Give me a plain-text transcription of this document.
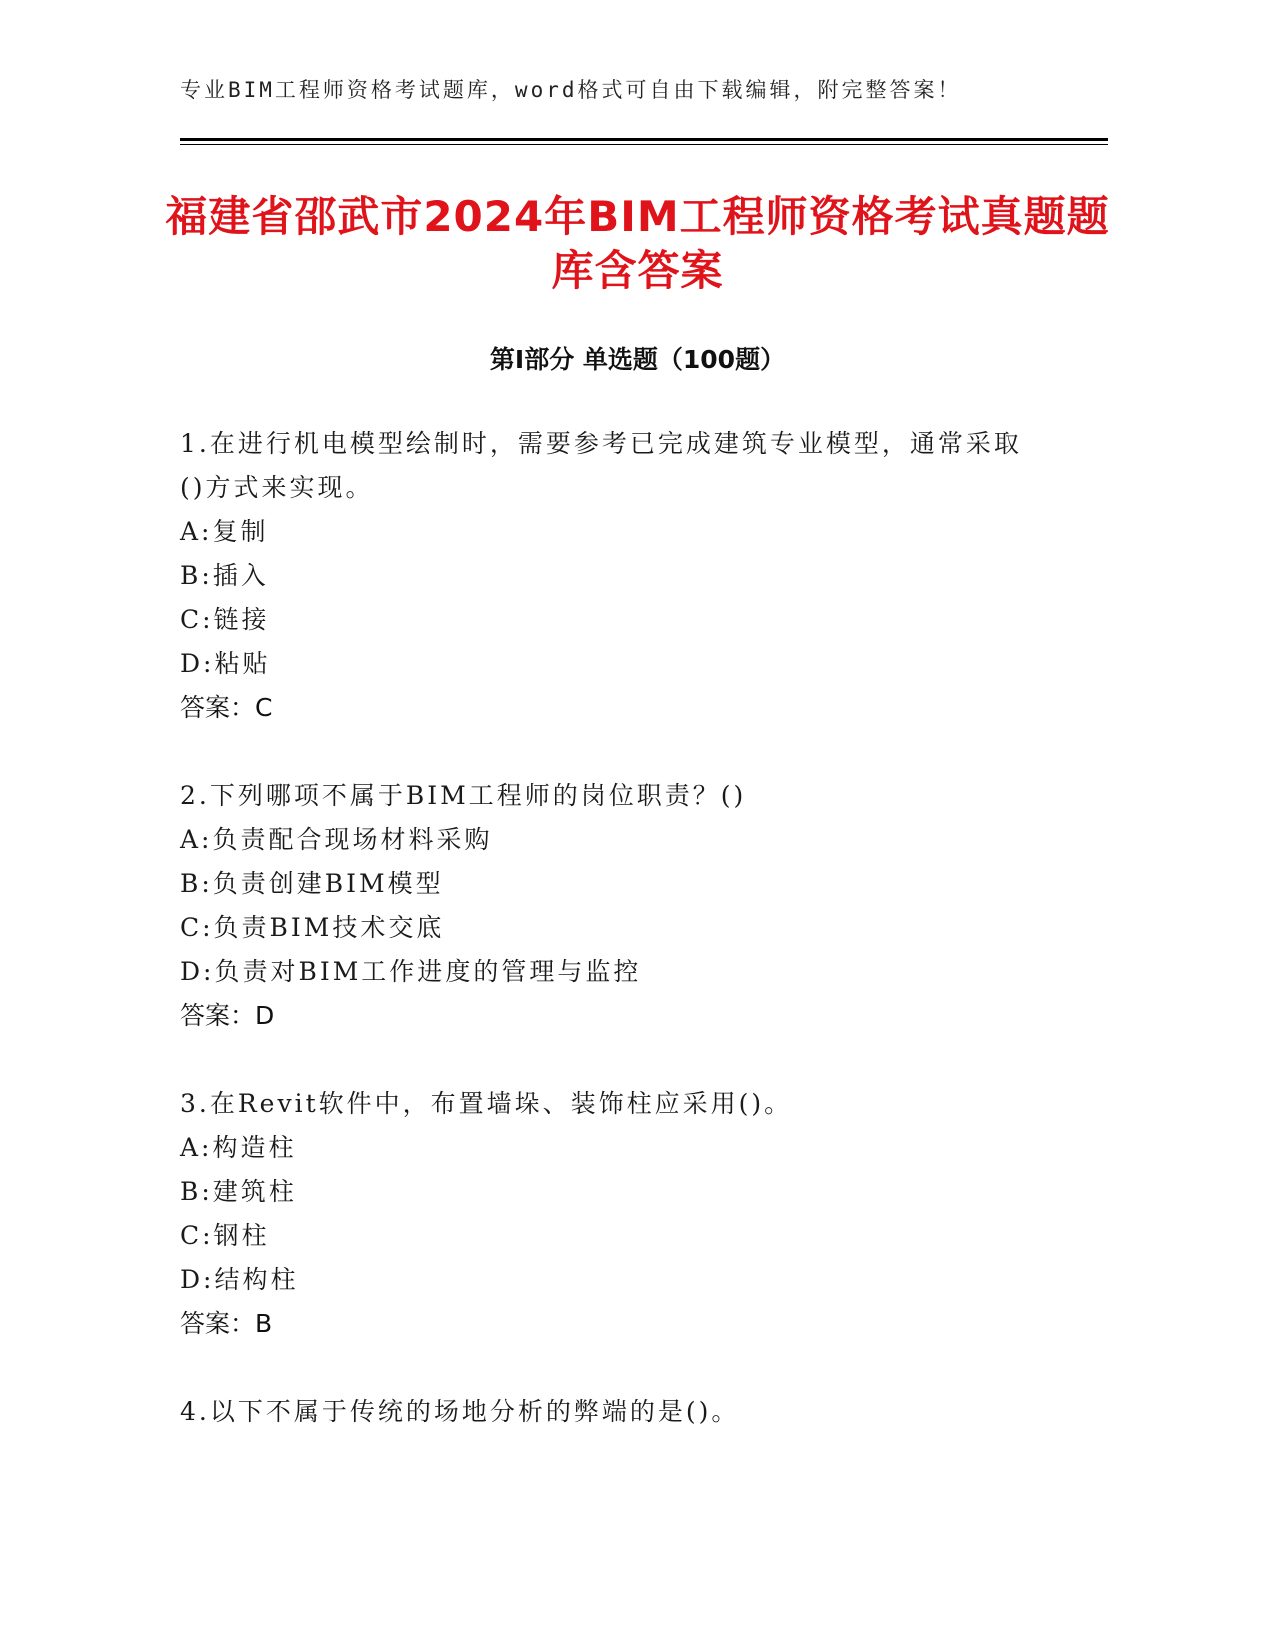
专业BIM工程师资格考试题库，word格式可自由下载编辑，附完整答案！
福建省邵武市2024年BIM工程师资格考试真题题库含答案
第Ⅰ部分 单选题（100题）
1.在进行机电模型绘制时，需要参考已完成建筑专业模型，通常采取()方式来实现。
A:复制
B:插入
C:链接
D:粘贴
答案：C
2.下列哪项不属于BIM工程师的岗位职责？()
A:负责配合现场材料采购
B:负责创建BIM模型
C:负责BIM技术交底
D:负责对BIM工作进度的管理与监控
答案：D
3.在Revit软件中，布置墙垛、装饰柱应采用()。
A:构造柱
B:建筑柱
C:钢柱
D:结构柱
答案：B
4.以下不属于传统的场地分析的弊端的是()。
